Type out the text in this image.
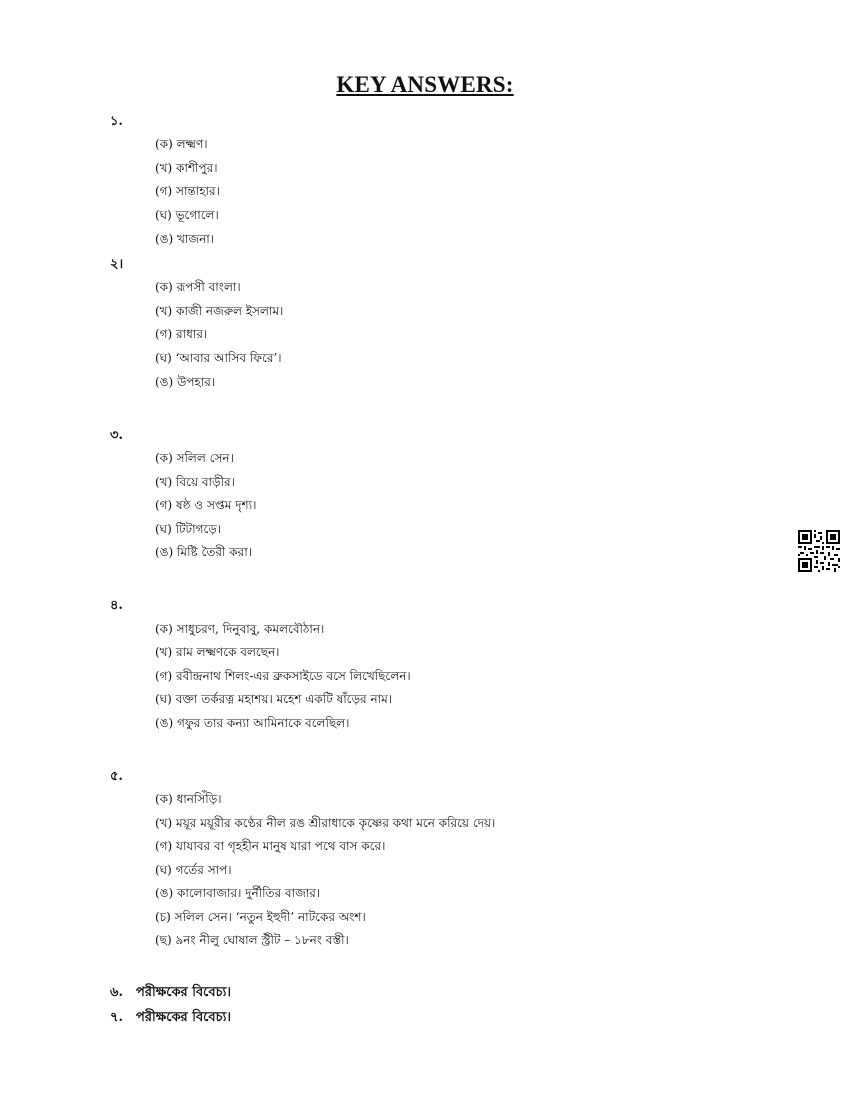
KEY ANSWERS:
১.
(ক) লক্ষ্মণ।
(খ) কাশীপুর।
(গ) সান্তাহার।
(ঘ) ভূগোলে।
(ঙ) খাজনা।
২।
(ক) রূপসী বাংলা।
(খ) কাজী নজরুল ইসলাম।
(গ) রাধার।
(ঘ) ‘আবার আসিব ফিরে’।
(ঙ) উপহার।
৩.
(ক) সলিল সেন।
(খ) বিয়ে বাড়ীর।
(গ) ষষ্ঠ ও সপ্তম দৃশ্য।
(ঘ) টিটাগড়ে।
(ঙ) মিষ্টি তৈরী করা।
৪.
(ক) সাধুচরণ, দিনুবাবু, কমলবৌঠান।
(খ) রাম লক্ষ্মণকে বলছেন।
(গ) রবীন্দ্রনাথ শিলং-এর ব্রুকসাইডে বসে লিখেছিলেন।
(ঘ) বক্তা তর্করত্ন মহাশয়। মহেশ একটি ষাঁড়ের নাম।
(ঙ) গফুর তার কন্যা আমিনাকে বলেছিল।
৫.
(ক) ধানসিঁড়ি।
(খ) ময়ূর ময়ূরীর কণ্ঠের নীল রঙ শ্রীরাধাকে কৃষ্ণের কথা মনে করিয়ে দেয়।
(গ) যাযাবর বা গৃহহীন মানুষ যারা পথে বাস করে।
(ঘ) গর্তের সাপ।
(ঙ) কালোবাজার। দুর্নীতির বাজার।
(চ) সলিল সেন। ‘নতুন ইহুদী’ নাটকের অংশ।
(ছ) ৯নং নীলু ঘোষাল স্ট্রীট – ১৮নং বস্তী।
৬. পরীক্ষকের বিবেচ্য।
৭. পরীক্ষকের বিবেচ্য।
